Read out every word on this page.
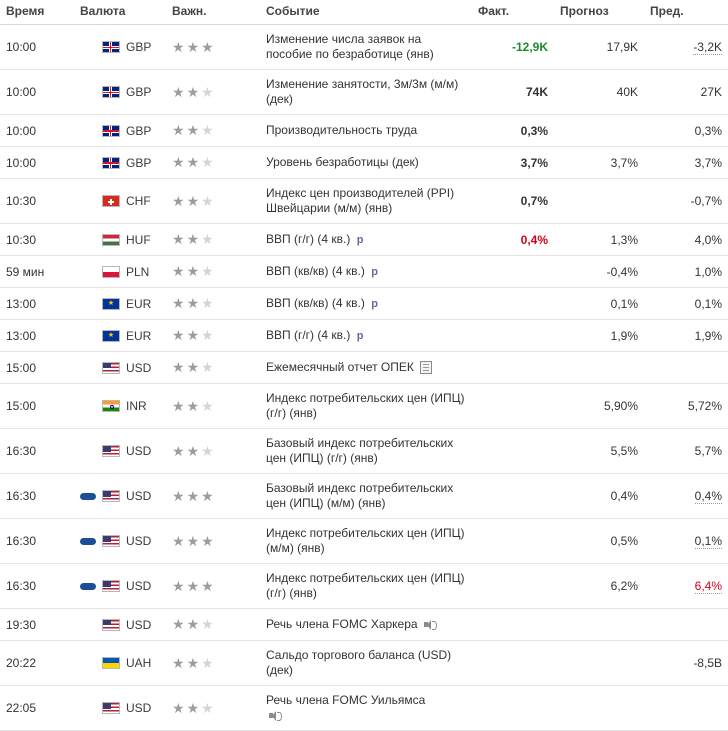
Время	Валюта	Важн.	Событие	Факт.	Прогноз	Пред.
10:00	GBP	★★★	Изменение числа заявок на пособие по безработице (янв)	-12,9K	17,9K	-3,2K
10:00	GBP	★★★	Изменение занятости, 3м/3м (м/м) (дек)	74K	40K	27K
10:00	GBP	★★★	Производительность труда	0,3%		0,3%
10:00	GBP	★★★	Уровень безработицы (дек)	3,7%	3,7%	3,7%
10:30	CHF	★★★	Индекс цен производителей (PPI) Швейцарии (м/м) (янв)	0,7%		-0,7%
10:30	HUF	★★★	ВВП (г/г) (4 кв.) p	0,4%	1,3%	4,0%
59 мин	PLN	★★★	ВВП (кв/кв) (4 кв.) p		-0,4%	1,0%
13:00	★ EUR	★★★	ВВП (кв/кв) (4 кв.) p		0,1%	0,1%
13:00	★ EUR	★★★	ВВП (г/г) (4 кв.) p		1,9%	1,9%
15:00	USD	★★★	Ежемесячный отчет ОПЕК			
15:00	INR	★★★	Индекс потребительских цен (ИПЦ) (г/г) (янв)		5,90%	5,72%
16:30	USD	★★★	Базовый индекс потребительских цен (ИПЦ) (г/г) (янв)		5,5%	5,7%
16:30	USD	★★★	Базовый индекс потребительских цен (ИПЦ) (м/м) (янв)		0,4%	0,4%
16:30	USD	★★★	Индекс потребительских цен (ИПЦ) (м/м) (янв)		0,5%	0,1%
16:30	USD	★★★	Индекс потребительских цен (ИПЦ) (г/г) (янв)		6,2%	6,4%
19:30	USD	★★★	Речь члена FOMC Харкера

20:22	UAH	★★★	Сальдо торгового баланса (USD) (дек)			-8,5B
22:05	USD	★★★	Речь члена FOMC Уильямса
